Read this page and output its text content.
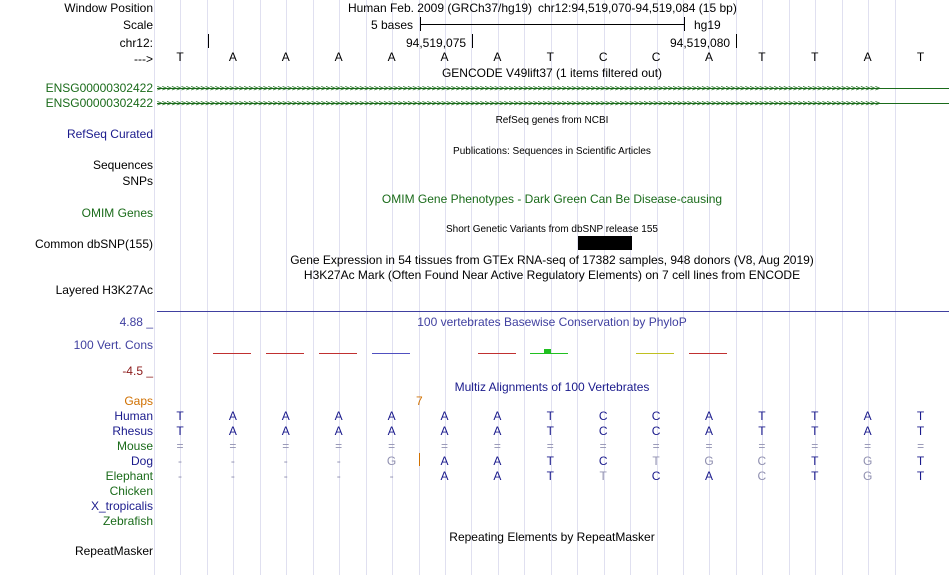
Window Position	Human Feb. 2009 (GRCh37/hg19) chr12:94,519,070-94,519,084 (15 bp)
Scale	5 bases	hg19
chr12:	94,519,075	94,519,080
---> T	A	A	A	A	A	A	T	C	C	A	T	T	A	T
GENCODE V49lift37 (1 items filtered out)
ENSG00000302422 >>>>>>>>>>>>>>>>>>>>>>>>>>>>>>>>>>>>>>>>>>>>>>>>>>>>>>>>>>>>>>>>>>>>>>>>>>>>>>>>>>>>>>>>>>>>>>>>>>>>>>>>>>>>>>>>>>>>>>>>>>>>>>>>>>>>>>>>>>>>>>>>>>>>>>
ENSG00000302422 >>>>>>>>>>>>>>>>>>>>>>>>>>>>>>>>>>>>>>>>>>>>>>>>>>>>>>>>>>>>>>>>>>>>>>>>>>>>>>>>>>>>>>>>>>>>>>>>>>>>>>>>>>>>>>>>>>>>>>>>>>>>>>>>>>>>>>>>>>>>>>>>>>>>>>
RefSeq genes from NCBI
RefSeq Curated
Publications: Sequences in Scientific Articles
Sequences
SNPs
OMIM Gene Phenotypes - Dark Green Can Be Disease-causing
OMIM Genes
Short Genetic Variants from dbSNP release 155
Common dbSNP(155)
Gene Expression in 54 tissues from GTEx RNA-seq of 17382 samples, 948 donors (V8, Aug 2019)
H3K27Ac Mark (Often Found Near Active Regulatory Elements) on 7 cell lines from ENCODE
Layered H3K27Ac
4.88 _	100 vertebrates Basewise Conservation by PhyloP
100 Vert. Cons
-4.5 _
Multiz Alignments of 100 Vertebrates
Gaps	7
Human T	A	A	A	A	A	A	T	C	C	A	T	T	A	T
Rhesus T	A	A	A	A	A	A	T	C	C	A	T	T	A	T
Mouse =	=	=	=	=	=	=	=	=	=	=	=	=	=	=
Dog	-	-	-	-	G	A	A	T	C	T	G	C	T	G	T
Elephant	-	-	-	-	-	A	A	T	T	C	A	C	T	G	T
Chicken
X_tropicalis
Zebrafish
Repeating Elements by RepeatMasker
RepeatMasker
